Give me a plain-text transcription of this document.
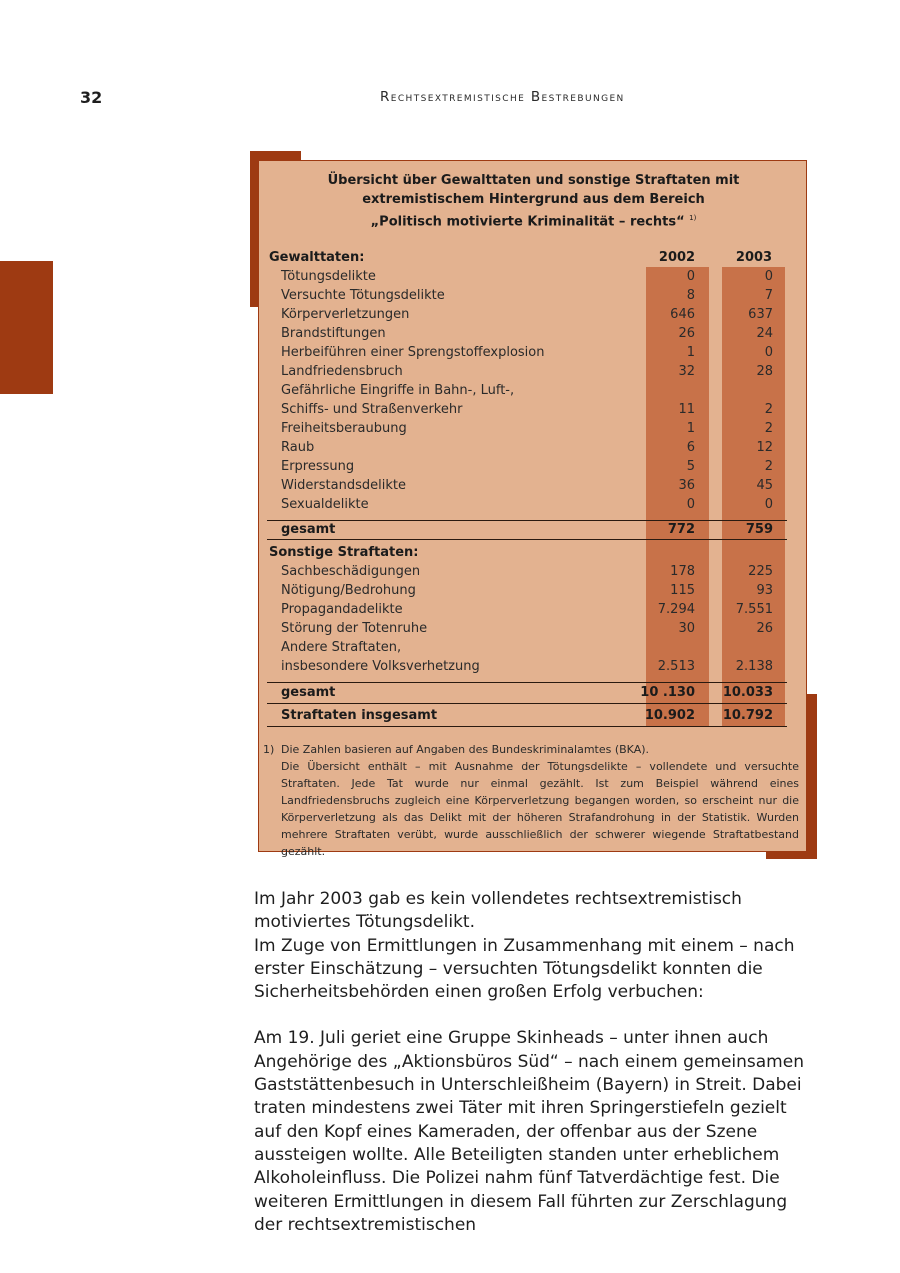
32	Rechtsextremistische Bestrebungen
Übersicht über Gewalttaten und sonstige Straftaten mit
extremistischem Hintergrund aus dem Bereich
„Politisch motivierte Kriminalität – rechts“ $^{1)}$
Gewalttaten:	2002	2003
Tötungsdelikte	0	0
Versuchte Tötungsdelikte	8	7
Körperverletzungen	646	637
Brandstiftungen	26	24
Herbeiführen einer Sprengstoffexplosion	1	0
Landfriedensbruch	32	28
Gefährliche Eingriffe in Bahn-, Luft-,
Schiffs- und Straßenverkehr	11	2
Freiheitsberaubung	1	2
Raub	6	12
Erpressung	5	2
Widerstandsdelikte	36	45
Sexualdelikte	0	0
gesamt	772	759
Sonstige Straftaten:
Sachbeschädigungen	178	225
Nötigung/Bedrohung	115	93
Propagandadelikte	7.294	7.551
Störung der Totenruhe	30	26
Andere Straftaten,
insbesondere Volksverhetzung	2.513	2.138
gesamt	10 .130	10.033
Straftaten insgesamt	10.902	10.792
1) Die Zahlen basieren auf Angaben des Bundeskriminalamtes (BKA).
Die Übersicht enthält – mit Ausnahme der Tötungsdelikte – vollendete und versuchte Straftaten. Jede Tat wurde nur einmal gezählt. Ist zum Beispiel während eines Landfriedensbruchs zugleich eine Körperverletzung begangen worden, so erscheint nur die Körperverletzung als das Delikt mit der höheren Strafandrohung in der Statistik. Wurden mehrere Straftaten verübt, wurde ausschließlich der schwerer wiegende Straftatbestand gezählt.

Im Jahr 2003 gab es kein vollendetes rechtsextremistisch motiviertes Tötungsdelikt.

Im Zuge von Ermittlungen in Zusammenhang mit einem – nach erster Einschätzung – versuchten Tötungsdelikt konnten die Sicherheitsbehörden einen großen Erfolg verbuchen:

Am 19. Juli geriet eine Gruppe Skinheads – unter ihnen auch Angehörige des „Aktionsbüros Süd“ – nach einem gemeinsamen Gaststättenbesuch in Unterschleißheim (Bayern) in Streit. Dabei traten mindestens zwei Täter mit ihren Springerstiefeln gezielt auf den Kopf eines Kameraden, der offenbar aus der Szene aussteigen wollte. Alle Beteiligten standen unter erheblichem Alkoholeinfluss. Die Polizei nahm fünf Tatverdächtige fest. Die weiteren Ermittlungen in diesem Fall führten zur Zerschlagung der rechtsextremistischen
